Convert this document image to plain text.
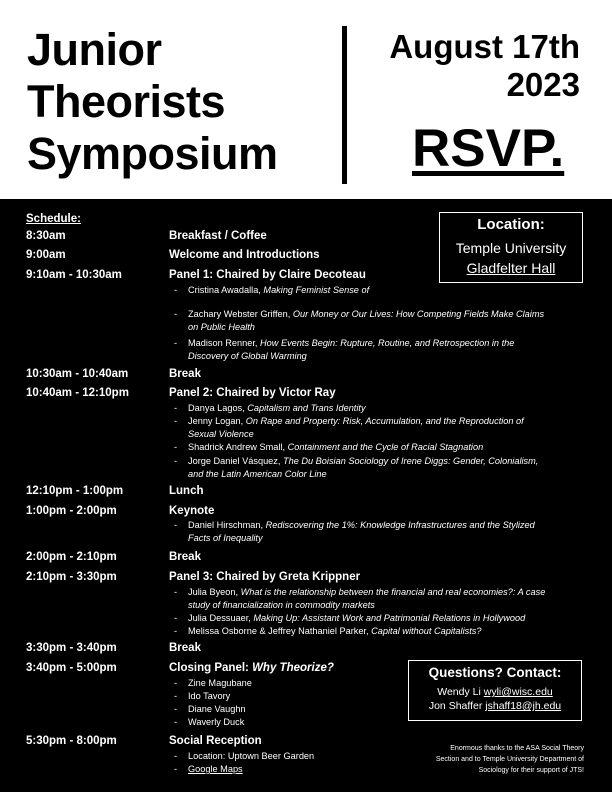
Junior
Theorists
Symposium
August 17th
2023
RSVP.
Schedule:
8:30am	Breakfast / Coffee
9:00am	Welcome and Introductions
9:10am - 10:30am	Panel 1: Chaired by Claire Decoteau
- Cristina Awadalla, Making Feminist Sense of
Contemporary Nicaraguan Politics: The Engendered Aesthetic Politics of Orteguismo
- Zachary Webster Griffen, Our Money or Our Lives: How Competing Fields Make Claims
on Public Health
- Madison Renner, How Events Begin: Rupture, Routine, and Retrospection in the
Discovery of Global Warming
10:30am - 10:40am	Break
10:40am - 12:10pm	Panel 2: Chaired by Victor Ray
- Danya Lagos, Capitalism and Trans Identity
- Jenny Logan, On Rape and Property: Risk, Accumulation, and the Reproduction of
Sexual Violence
- Shadrick Andrew Small, Containment and the Cycle of Racial Stagnation
- Jorge Daniel Vásquez, The Du Boisian Sociology of Irene Diggs: Gender, Colonialism,
and the Latin American Color Line
12:10pm - 1:00pm	Lunch
1:00pm - 2:00pm	Keynote
- Daniel Hirschman, Rediscovering the 1%: Knowledge Infrastructures and the Stylized
Facts of Inequality
2:00pm - 2:10pm	Break
2:10pm - 3:30pm	Panel 3: Chaired by Greta Krippner
- Julia Byeon, What is the relationship between the financial and real economies?: A case
study of financialization in commodity markets
- Julia Dessuaer, Making Up: Assistant Work and Patrimonial Relations in Hollywood
- Melissa Osborne & Jeffrey Nathaniel Parker, Capital without Capitalists?
3:30pm - 3:40pm	Break
3:40pm - 5:00pm	Closing Panel: Why Theorize?
- Zine Magubane
- Ido Tavory
- Diane Vaughn
- Waverly Duck
5:30pm - 8:00pm	Social Reception
- Location: Uptown Beer Garden
- Google Maps
Location:
Temple University
Gladfelter Hall
Questions? Contact:
Wendy Li wyli@wisc.edu
Jon Shaffer jshaff18@jh.edu
Enormous thanks to the ASA Social Theory
Section and to Temple University Department of
Sociology for their support of JTS!
